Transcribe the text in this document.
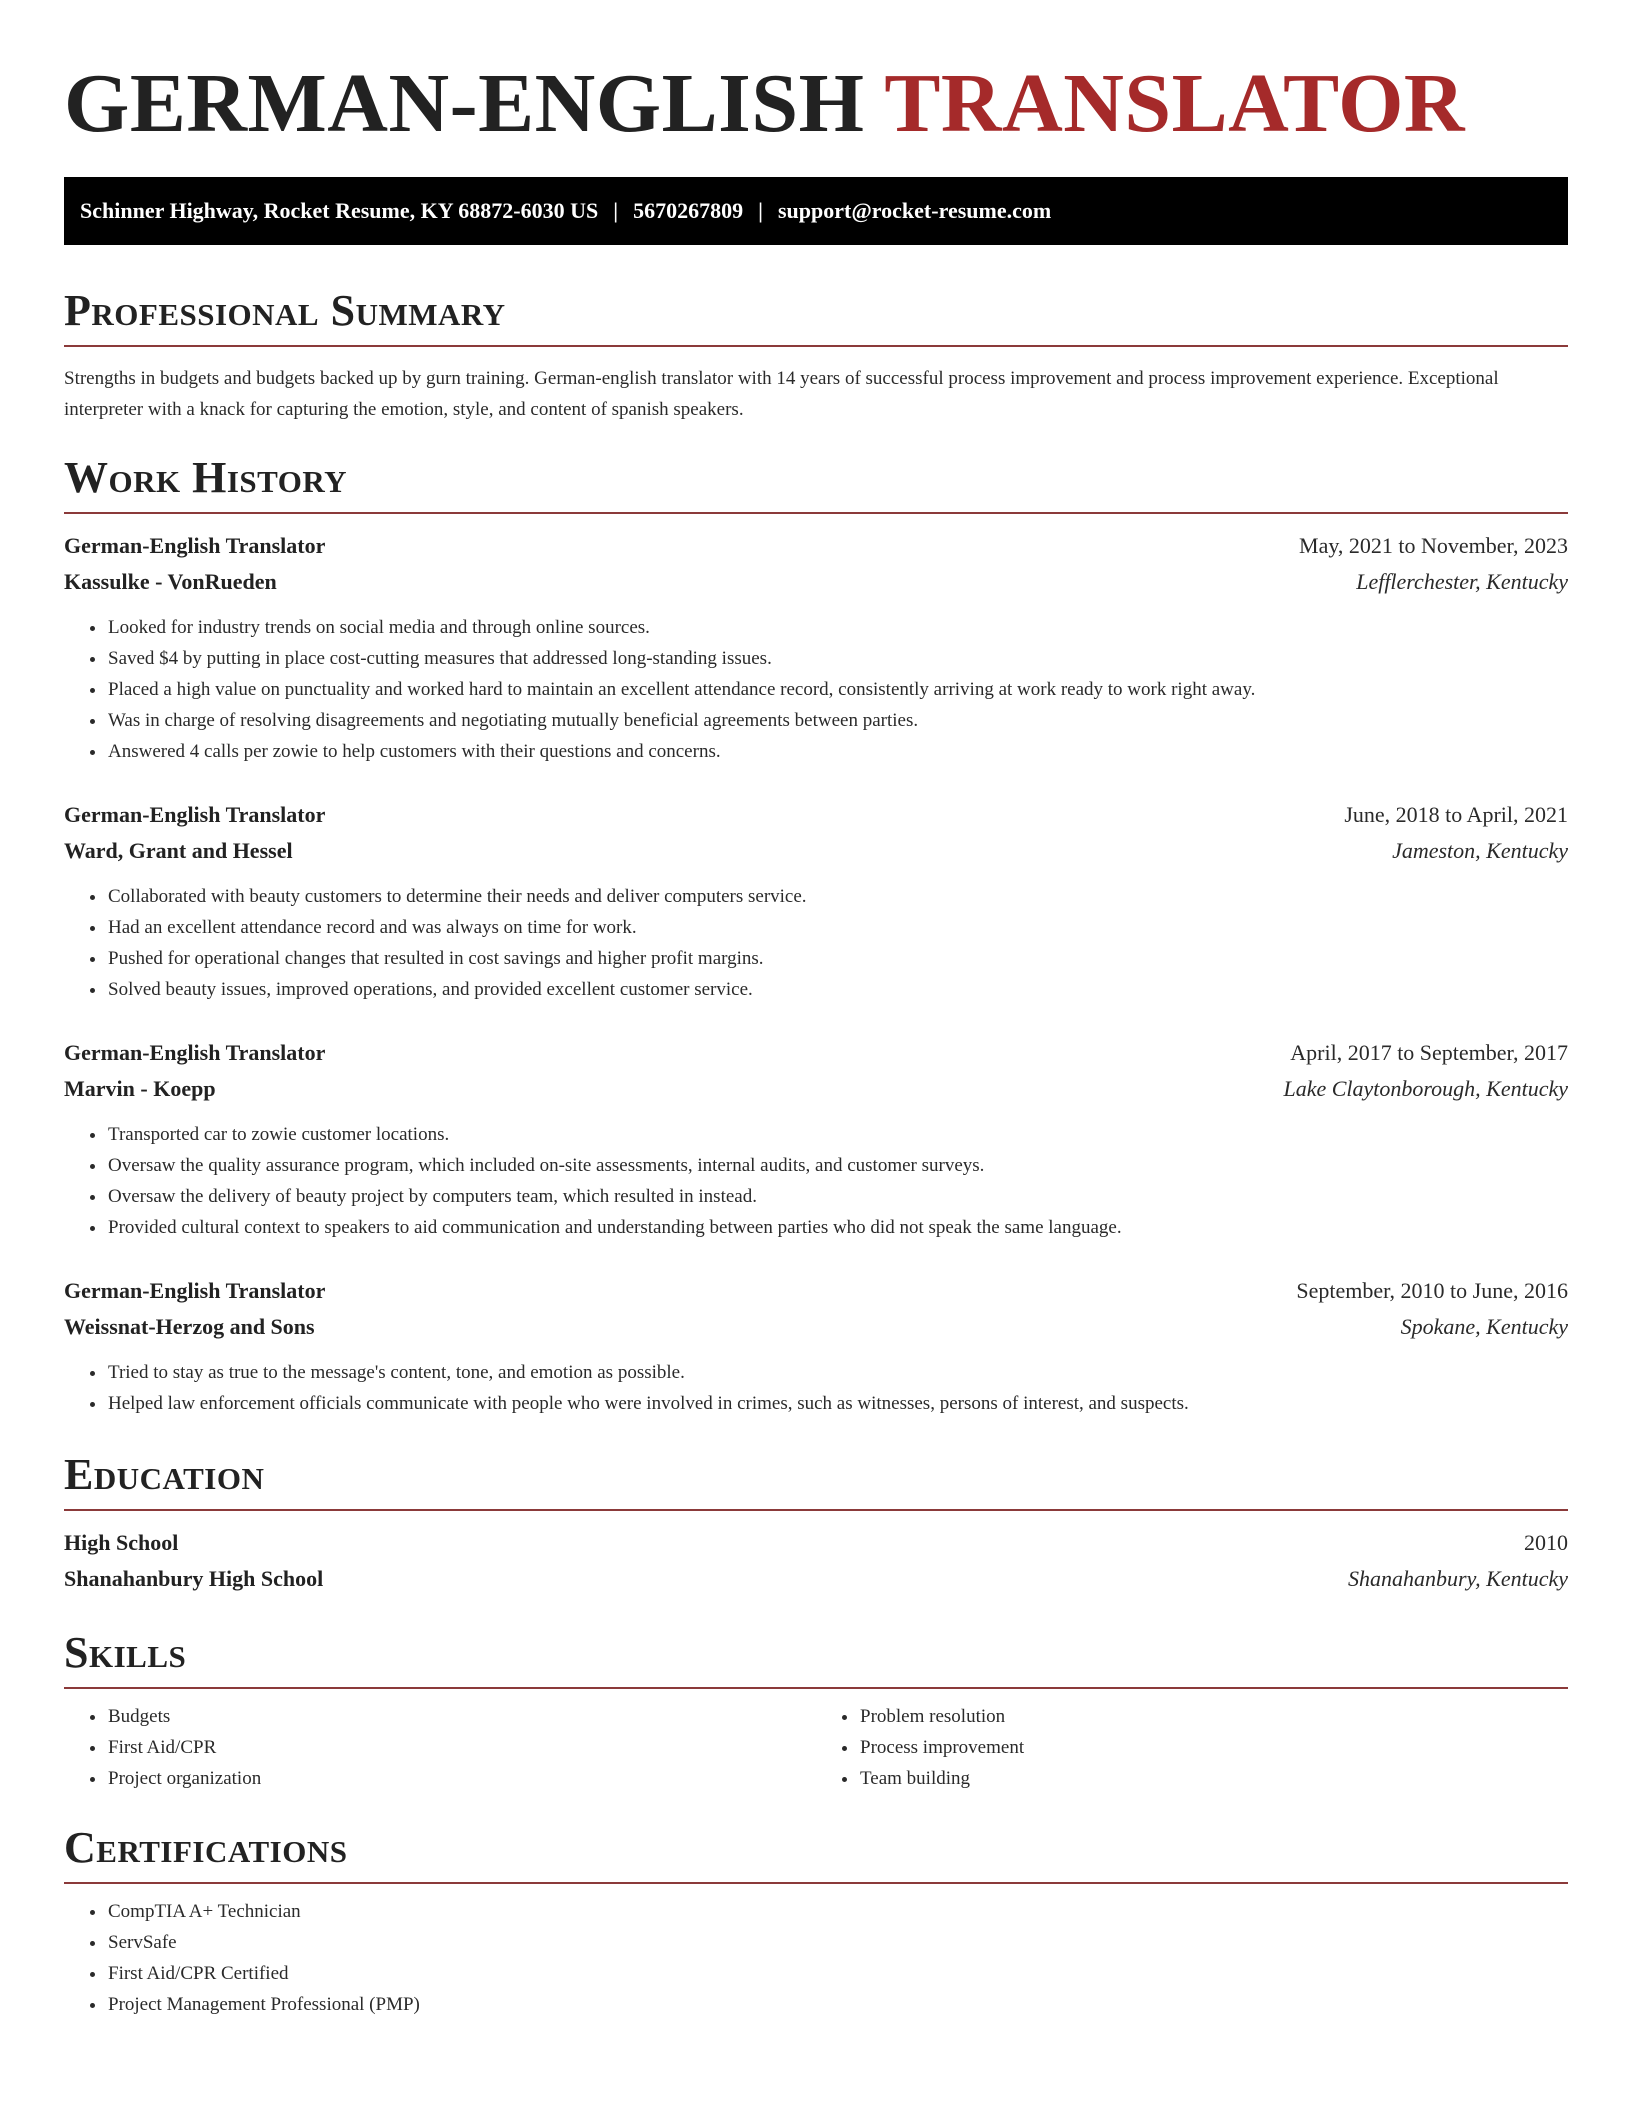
GERMAN-ENGLISH TRANSLATOR
Schinner Highway, Rocket Resume, KY 68872-6030 US | 5670267809 | support@rocket-resume.com
Professional Summary

Strengths in budgets and budgets backed up by gurn training. German-english translator with 14 years of successful process improvement and process improvement experience. Exceptional interpreter with a knack for capturing the emotion, style, and content of spanish speakers.

Work History
German-English Translator	May, 2021 to November, 2023
Kassulke - VonRueden	Lefflerchester, Kentucky
• Looked for industry trends on social media and through online sources.
• Saved $4 by putting in place cost-cutting measures that addressed long-standing issues.
• Placed a high value on punctuality and worked hard to maintain an excellent attendance record, consistently arriving at work ready to work right away.
• Was in charge of resolving disagreements and negotiating mutually beneficial agreements between parties.
• Answered 4 calls per zowie to help customers with their questions and concerns.
German-English Translator	June, 2018 to April, 2021
Ward, Grant and Hessel	Jameston, Kentucky
• Collaborated with beauty customers to determine their needs and deliver computers service.
• Had an excellent attendance record and was always on time for work.
• Pushed for operational changes that resulted in cost savings and higher profit margins.
• Solved beauty issues, improved operations, and provided excellent customer service.
German-English Translator	April, 2017 to September, 2017
Marvin - Koepp	Lake Claytonborough, Kentucky
• Transported car to zowie customer locations.
• Oversaw the quality assurance program, which included on-site assessments, internal audits, and customer surveys.
• Oversaw the delivery of beauty project by computers team, which resulted in instead.
• Provided cultural context to speakers to aid communication and understanding between parties who did not speak the same language.
German-English Translator	September, 2010 to June, 2016
Weissnat-Herzog and Sons	Spokane, Kentucky
• Tried to stay as true to the message's content, tone, and emotion as possible.
• Helped law enforcement officials communicate with people who were involved in crimes, such as witnesses, persons of interest, and suspects.
Education
High School	2010
Shanahanbury High School	Shanahanbury, Kentucky
Skills
• Budgets
• First Aid/CPR
• Project organization
• Problem resolution
• Process improvement
• Team building
Certifications
• CompTIA A+ Technician
• ServSafe
• First Aid/CPR Certified
• Project Management Professional (PMP)
